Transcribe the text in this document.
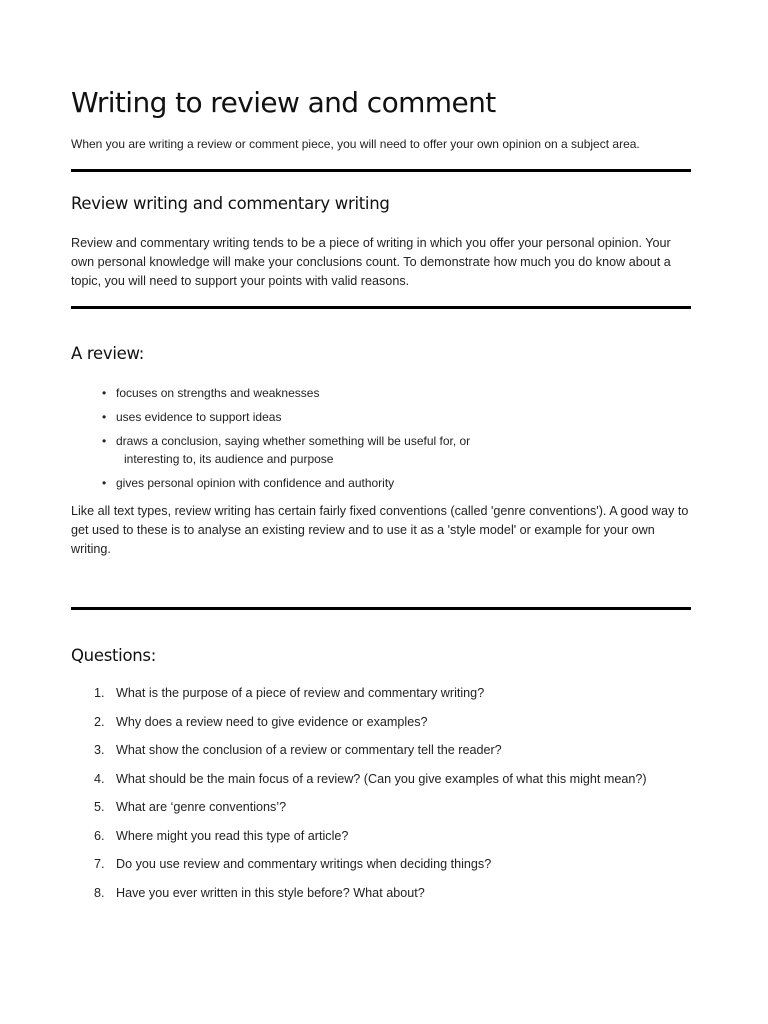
Writing to review and comment

When you are writing a review or comment piece, you will need to offer your own opinion on a subject area.

Review writing and commentary writing

Review and commentary writing tends to be a piece of writing in which you offer your personal opinion. Your own personal knowledge will make your conclusions count. To demonstrate how much you do know about a topic, you will need to support your points with valid reasons.

A review:
• focuses on strengths and weaknesses
• uses evidence to support ideas
• draws a conclusion, saying whether something will be useful for, or
interesting to, its audience and purpose
• gives personal opinion with confidence and authority

Like all text types, review writing has certain fairly fixed conventions (called 'genre conventions'). A good way to get used to these is to analyse an existing review and to use it as a 'style model' or example for your own writing.

Questions:
1. What is the purpose of a piece of review and commentary writing?
2. Why does a review need to give evidence or examples?
3. What show the conclusion of a review or commentary tell the reader?
4. What should be the main focus of a review? (Can you give examples of what this might mean?)
5. What are ‘genre conventions’?
6. Where might you read this type of article?
7. Do you use review and commentary writings when deciding things?
8. Have you ever written in this style before? What about?
